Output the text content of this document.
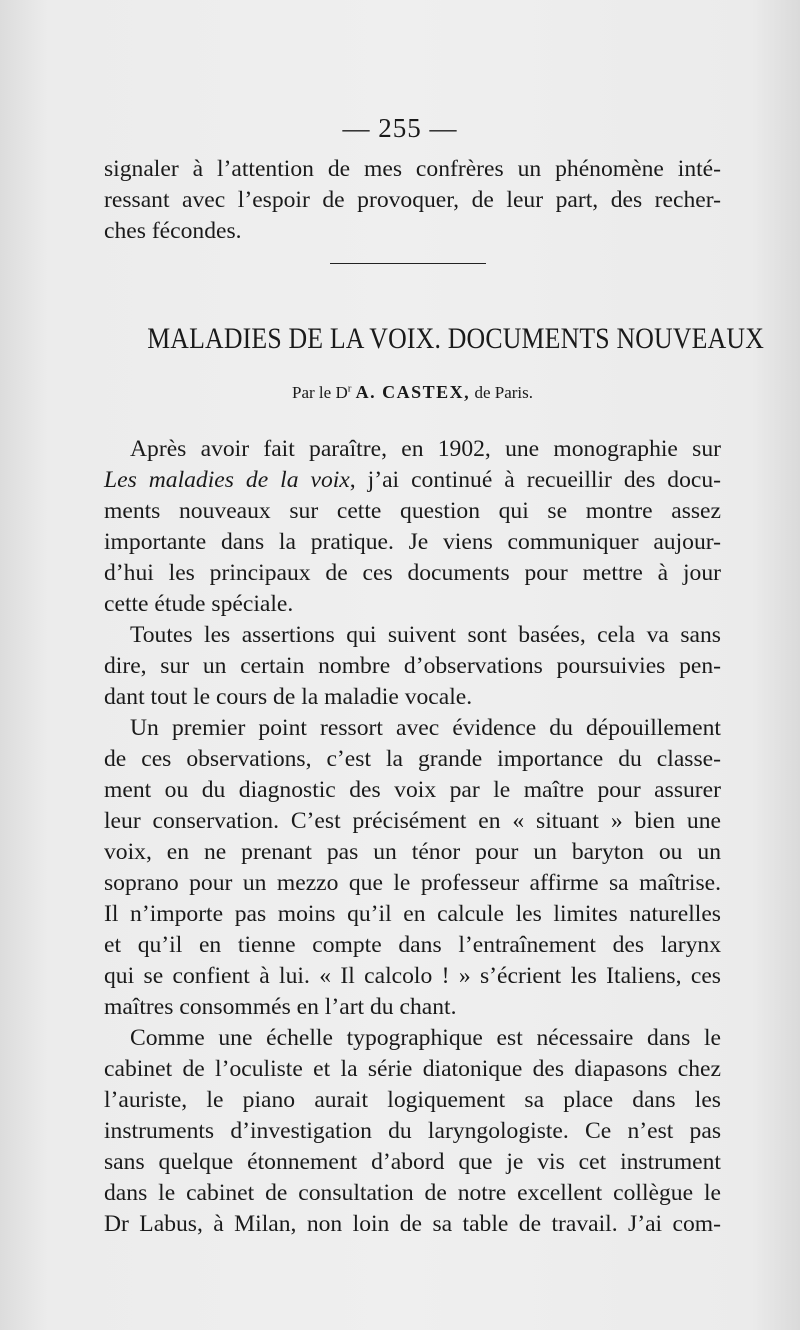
— 255 —
signaler à l’attention de mes confrères un phénomène inté-
ressant avec l’espoir de provoquer, de leur part, des recher-
ches fécondes.
MALADIES DE LA VOIX. DOCUMENTS NOUVEAUX
Par le $D^r$ A. CASTEX, de Paris.
Après avoir fait paraître, en 1902, une monographie sur
Les maladies de la voix, j’ai continué à recueillir des docu-
ments nouveaux sur cette question qui se montre assez
importante dans la pratique. Je viens communiquer aujour-
d’hui les principaux de ces documents pour mettre à jour
cette étude spéciale.
Toutes les assertions qui suivent sont basées, cela va sans
dire, sur un certain nombre d’observations poursuivies pen-
dant tout le cours de la maladie vocale.
Un premier point ressort avec évidence du dépouillement
de ces observations, c’est la grande importance du classe-
ment ou du diagnostic des voix par le maître pour assurer
leur conservation. C’est précisément en « situant » bien une
voix, en ne prenant pas un ténor pour un baryton ou un
soprano pour un mezzo que le professeur affirme sa maîtrise.
Il n’importe pas moins qu’il en calcule les limites naturelles
et qu’il en tienne compte dans l’entraînement des larynx
qui se confient à lui. « Il calcolo ! » s’écrient les Italiens, ces
maîtres consommés en l’art du chant.
Comme une échelle typographique est nécessaire dans le
cabinet de l’oculiste et la série diatonique des diapasons chez
l’auriste, le piano aurait logiquement sa place dans les
instruments d’investigation du laryngologiste. Ce n’est pas
sans quelque étonnement d’abord que je vis cet instrument
dans le cabinet de consultation de notre excellent collègue le
Dr Labus, à Milan, non loin de sa table de travail. J’ai com-
